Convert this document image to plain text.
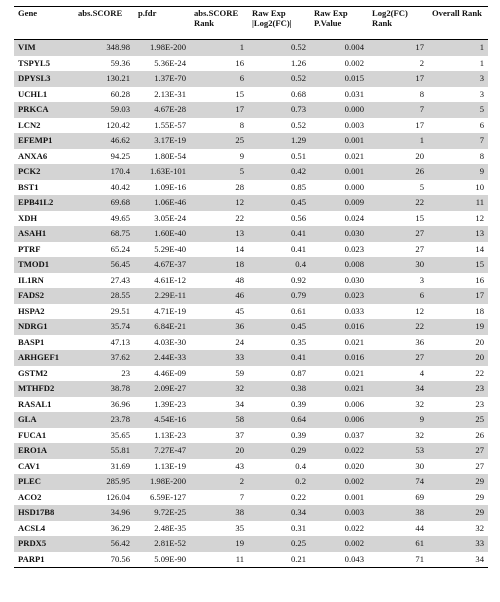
Gene	abs.SCORE	p.fdr	abs.SCORE Rank	Raw Exp |Log2(FC)|	Raw Exp P.Value	Log2(FC) Rank	Overall Rank
VIM	348.98	1.98E-200	1	0.52	0.004	17	1
TSPYL5	59.36	5.36E-24	16	1.26	0.002	2	1
DPYSL3	130.21	1.37E-70	6	0.52	0.015	17	3
UCHL1	60.28	2.13E-31	15	0.68	0.031	8	3
PRKCA	59.03	4.67E-28	17	0.73	0.000	7	5
LCN2	120.42	1.55E-57	8	0.52	0.003	17	6
EFEMP1	46.62	3.17E-19	25	1.29	0.001	1	7
ANXA6	94.25	1.80E-54	9	0.51	0.021	20	8
PCK2	170.4	1.63E-101	5	0.42	0.001	26	9
BST1	40.42	1.09E-16	28	0.85	0.000	5	10
EPB41L2	69.68	1.06E-46	12	0.45	0.009	22	11
XDH	49.65	3.05E-24	22	0.56	0.024	15	12
ASAH1	68.75	1.60E-40	13	0.41	0.030	27	13
PTRF	65.24	5.29E-40	14	0.41	0.023	27	14
TMOD1	56.45	4.67E-37	18	0.4	0.008	30	15
IL1RN	27.43	4.61E-12	48	0.92	0.030	3	16
FADS2	28.55	2.29E-11	46	0.79	0.023	6	17
HSPA2	29.51	4.71E-19	45	0.61	0.033	12	18
NDRG1	35.74	6.84E-21	36	0.45	0.016	22	19
BASP1	47.13	4.03E-30	24	0.35	0.021	36	20
ARHGEF1	37.62	2.44E-33	33	0.41	0.016	27	20
GSTM2	23	4.46E-09	59	0.87	0.021	4	22
MTHFD2	38.78	2.09E-27	32	0.38	0.021	34	23
RASAL1	36.96	1.39E-23	34	0.39	0.006	32	23
GLA	23.78	4.54E-16	58	0.64	0.006	9	25
FUCA1	35.65	1.13E-23	37	0.39	0.037	32	26
ERO1A	55.81	7.27E-47	20	0.29	0.022	53	27
CAV1	31.69	1.13E-19	43	0.4	0.020	30	27
PLEC	285.95	1.98E-200	2	0.2	0.002	74	29
ACO2	126.04	6.59E-127	7	0.22	0.001	69	29
HSD17B8	34.96	9.72E-25	38	0.34	0.003	38	29
ACSL4	36.29	2.48E-35	35	0.31	0.022	44	32
PRDX5	56.42	2.81E-52	19	0.25	0.002	61	33
PARP1	70.56	5.09E-90	11	0.21	0.043	71	34
